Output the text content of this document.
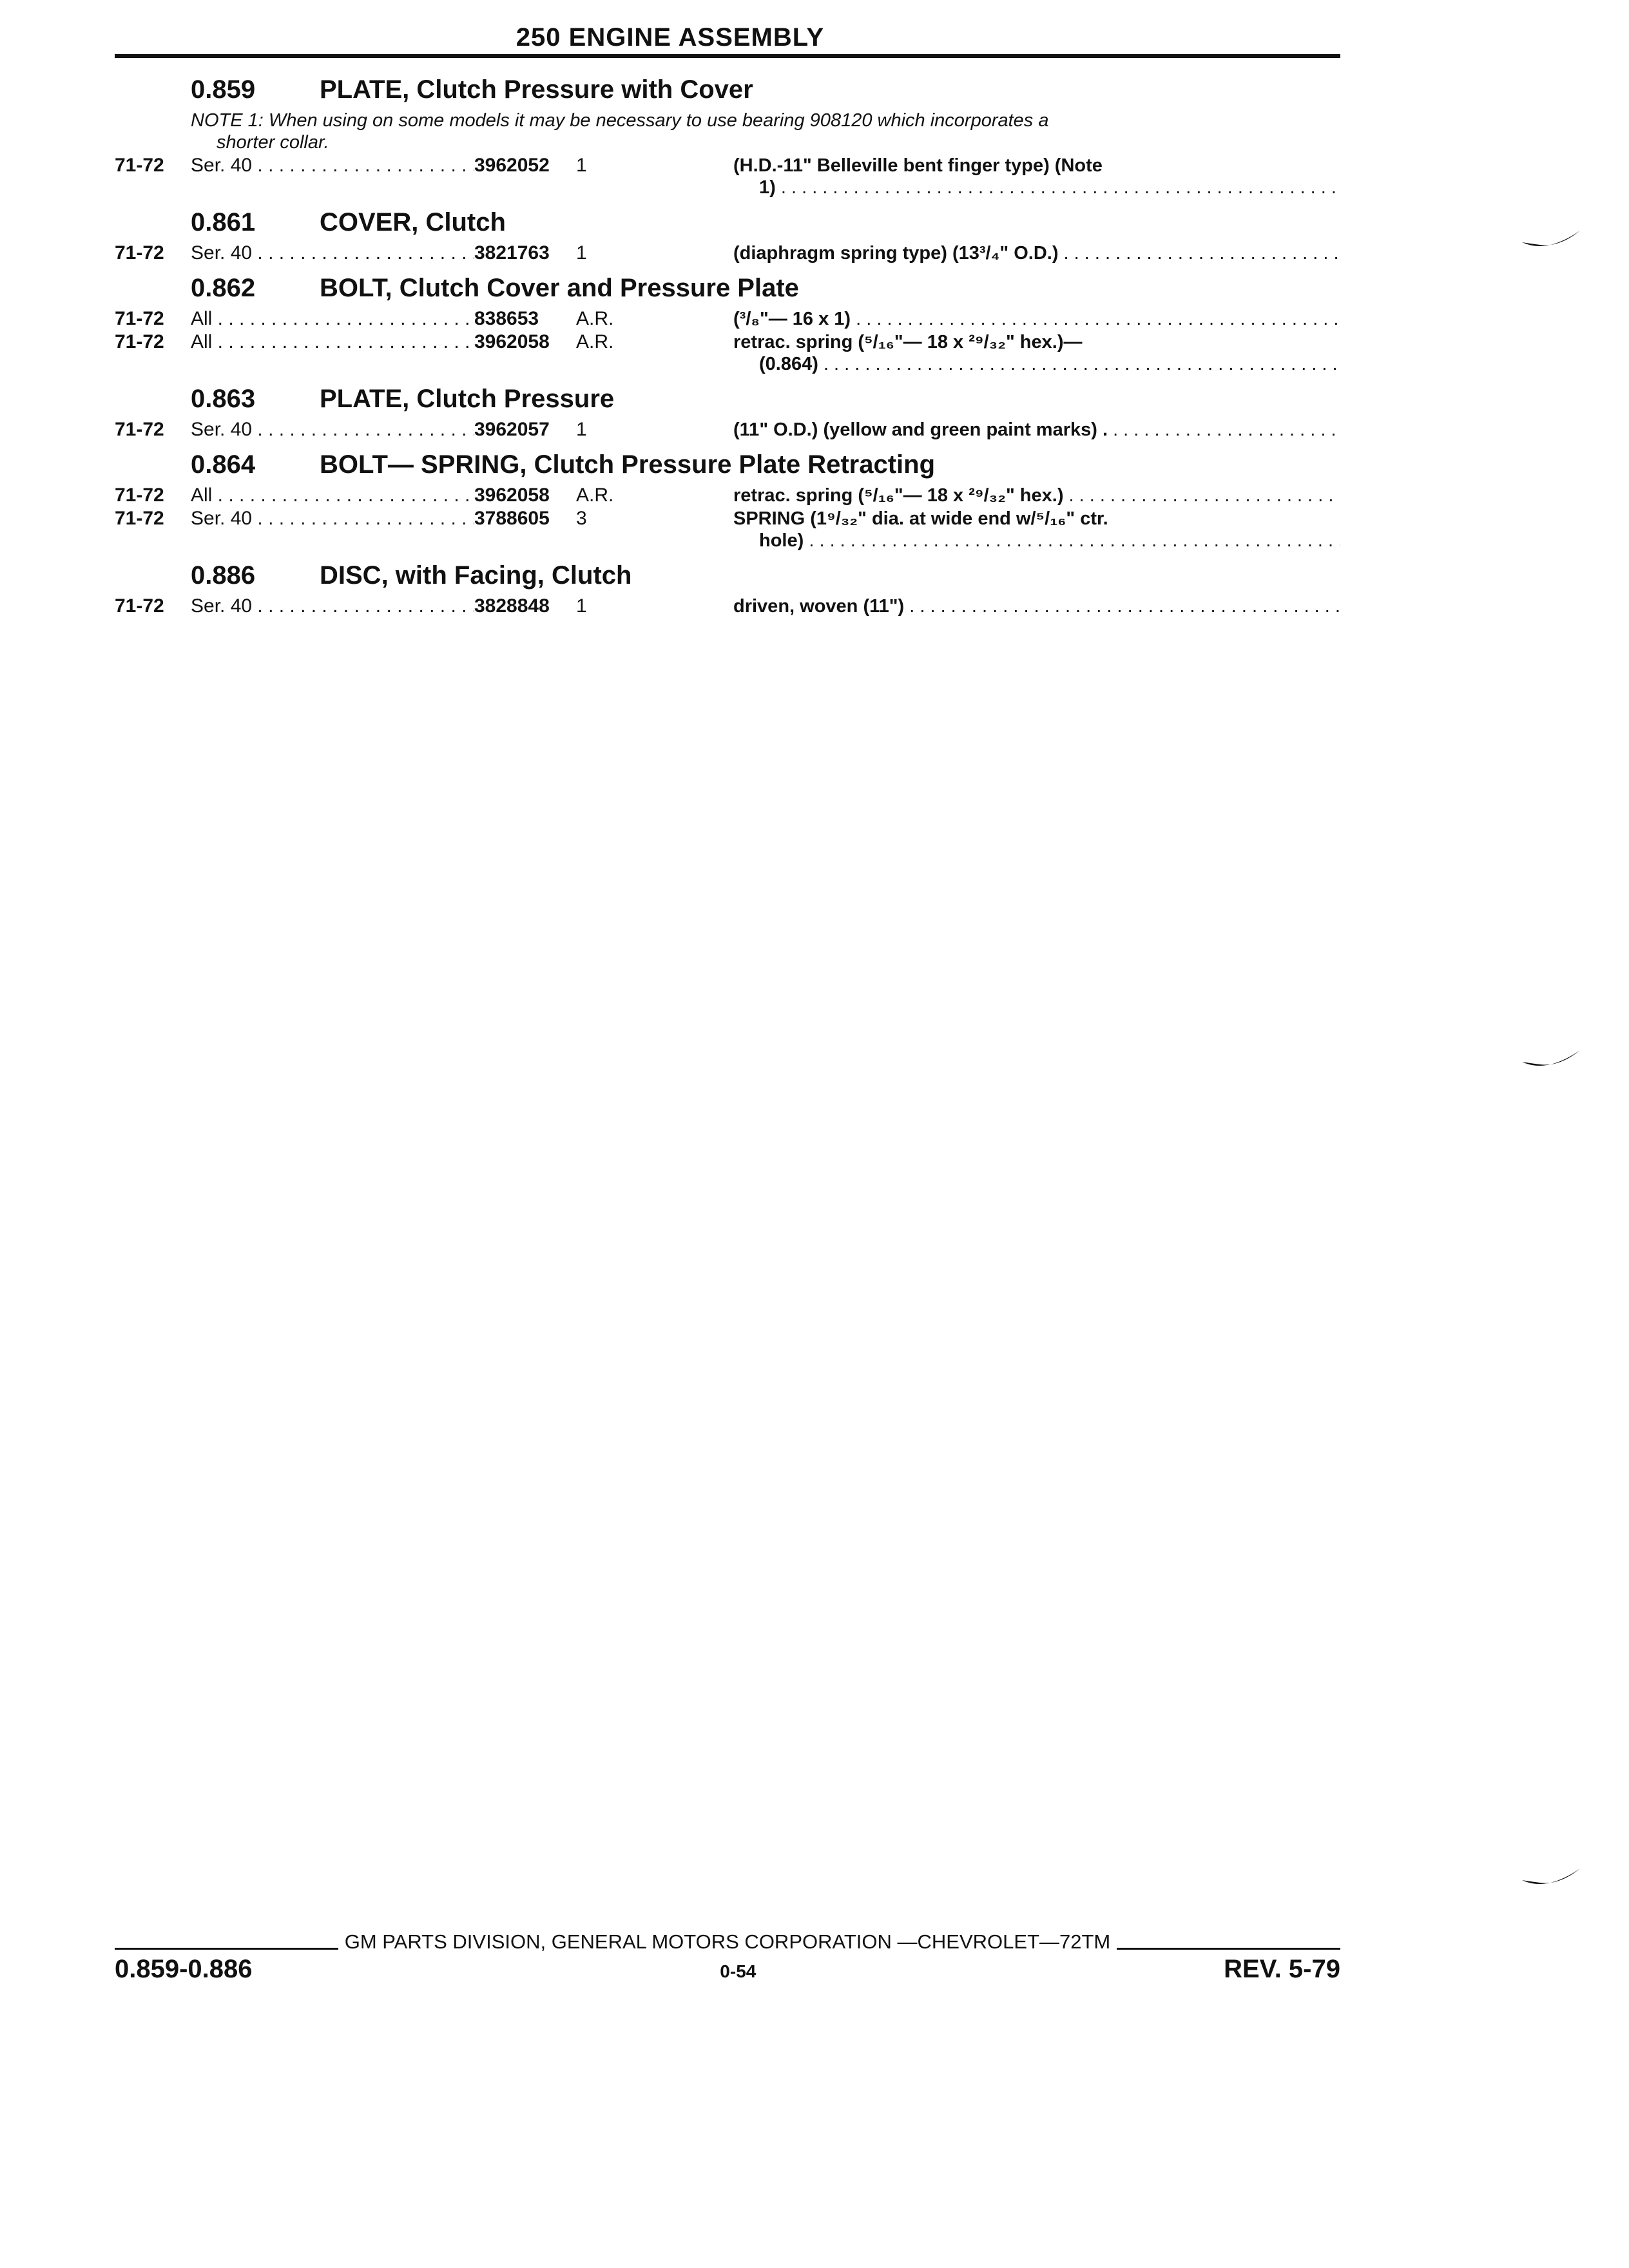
250 ENGINE ASSEMBLY
0.859	PLATE, Clutch Pressure with Cover
NOTE 1: When using on some models it may be necessary to use bearing 908120 which incorporates a
shorter collar.
71-72	Ser. 40 . . .	3962052	1	(H.D.-11" Belleville bent finger type) (Note
1) . . .
0.861	COVER, Clutch
71-72	Ser. 40 . . .	3821763	1	(diaphragm spring type) (13³/₄" O.D.) . . .
0.862	BOLT, Clutch Cover and Pressure Plate
71-72	All . . .	838653	A.R.	(³/₈"— 16 x 1) . . .
71-72	All . . .	3962058	A.R.	retrac. spring (⁵/₁₆"— 18 x ²⁹/₃₂" hex.)—
(0.864) . . .
0.863	PLATE, Clutch Pressure
71-72	Ser. 40 . . .	3962057	1	(11" O.D.) (yellow and green paint marks) . . . .
0.864	BOLT— SPRING, Clutch Pressure Plate Retracting
71-72	All . . .	3962058	A.R.	retrac. spring (⁵/₁₆"— 18 x ²⁹/₃₂" hex.) . . .
71-72	Ser. 40 . . .	3788605	3	SPRING (1⁹/₃₂" dia. at wide end w/⁵/₁₆" ctr.
hole) . . .
0.886	DISC, with Facing, Clutch
71-72	Ser. 40 . . .	3828848	1	driven, woven (11") . . .
GM PARTS DIVISION, GENERAL MOTORS CORPORATION —CHEVROLET—72TM
0.859-0.886	0-54	REV. 5-79
